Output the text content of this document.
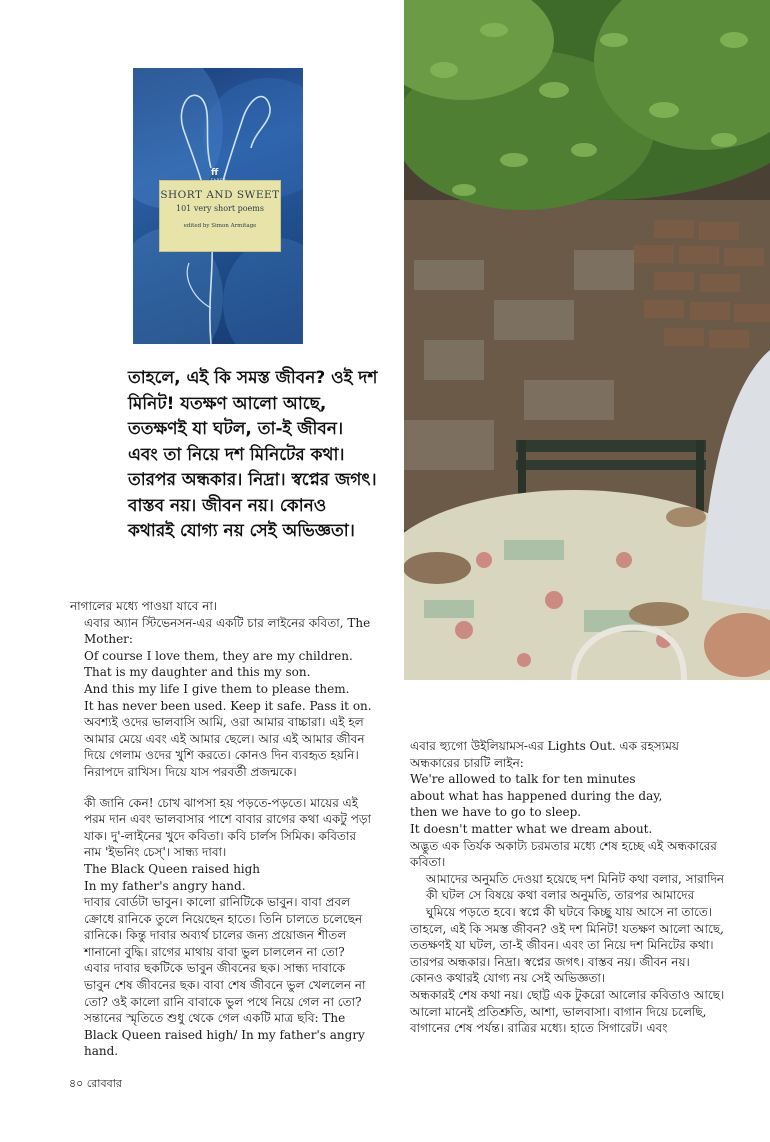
SHORT AND SWEET
101 very short poems
edited by Simon Armitage
ff
FABER
তাহলে, এই কি সমস্ত জীবন? ওই দশ মিনিট! যতক্ষণ আলো আছে, ততক্ষণই যা ঘটল, তা-ই জীবন। এবং তা নিয়ে দশ মিনিটের কথা। তারপর অন্ধকার। নিদ্রা। স্বপ্নের জগৎ। বাস্তব নয়। জীবন নয়। কোনও কথারই যোগ্য নয় সেই অভিজ্ঞতা।

নাগালের মধ্যে পাওয়া যাবে না।

এবার অ্যান স্টিভেনসন-এর একটি চার লাইনের কবিতা, The Mother:

Of course I love them, they are my children.

That is my daughter and this my son.

And this my life I give them to please them.

It has never been used. Keep it safe. Pass it on.

অবশ্যই ওদের ভালবাসি আমি, ওরা আমার বাচ্চারা। এই হল আমার মেয়ে এবং এই আমার ছেলে। আর এই আমার জীবন দিয়ে গেলাম ওদের খুশি করতে। কোনও দিন ব্যবহৃত হয়নি। নিরাপদে রাখিস। দিয়ে যাস পরবর্তী প্রজন্মকে।

কী জানি কেন! চোখ ঝাপসা হয় পড়তে-পড়তে। মায়ের এই পরম দান এবং ভালবাসার পাশে বাবার রাগের কথা একটু পড়া যাক। দু'-লাইনের খুদে কবিতা। কবি চার্লস সিমিক। কবিতার নাম 'ইভনিং চেস্'। সান্ধ্য দাবা।

The Black Queen raised high

In my father's angry hand.

দাবার বোর্ডটা ভাবুন। কালো রানিটিকে ভাবুন। বাবা প্রবল ক্রোধে রানিকে তুলে নিয়েছেন হাতে। তিনি চালতে চলেছেন রানিকে। কিন্তু দাবার অব্যর্থ চালের জন্য প্রয়োজন শীতল শানানো বুদ্ধি। রাগের মাথায় বাবা ভুল চাললেন না তো? এবার দাবার ছকটিকে ভাবুন জীবনের ছক। সান্ধ্য দাবাকে ভাবুন শেষ জীবনের ছক। বাবা শেষ জীবনে ভুল খেললেন না তো? ওই কালো রানি বাবাকে ভুল পথে নিয়ে গেল না তো? সন্তানের স্মৃতিতে শুধু থেকে গেল একটি মাত্র ছবি: The Black Queen raised high/ In my father's angry hand.

এবার হ্যুগো উইলিয়ামস-এর Lights Out. এক রহস্যময় অন্ধকারের চারটি লাইন:

We're allowed to talk for ten minutes

about what has happened during the day,

then we have to go to sleep.

It doesn't matter what we dream about.

অদ্ভুত এক তির্যক অকাট্য চরমতার মধ্যে শেষ হচ্ছে এই অন্ধকারের কবিতা।

আমাদের অনুমতি দেওয়া হয়েছে দশ মিনিট কথা বলার, সারাদিন কী ঘটল সে বিষয়ে কথা বলার অনুমতি, তারপর আমাদের ঘুমিয়ে পড়তে হবে। স্বপ্নে কী ঘটবে কিচ্ছু যায় আসে না তাতে।

তাহলে, এই কি সমস্ত জীবন? ওই দশ মিনিট! যতক্ষণ আলো আছে, ততক্ষণই যা ঘটল, তা-ই জীবন। এবং তা নিয়ে দশ মিনিটের কথা। তারপর অন্ধকার। নিদ্রা। স্বপ্নের জগৎ। বাস্তব নয়। জীবন নয়। কোনও কথারই যোগ্য নয় সেই অভিজ্ঞতা।

অন্ধকারই শেষ কথা নয়। ছোট্ট এক টুকরো আলোর কবিতাও আছে। আলো মানেই প্রতিশ্রুতি, আশা, ভালবাসা। বাগান দিয়ে চলেছি, বাগানের শেষ পর্যন্ত। রাত্রির মধ্যে। হাতে সিগারেট। এবং

৪০ রোববার
